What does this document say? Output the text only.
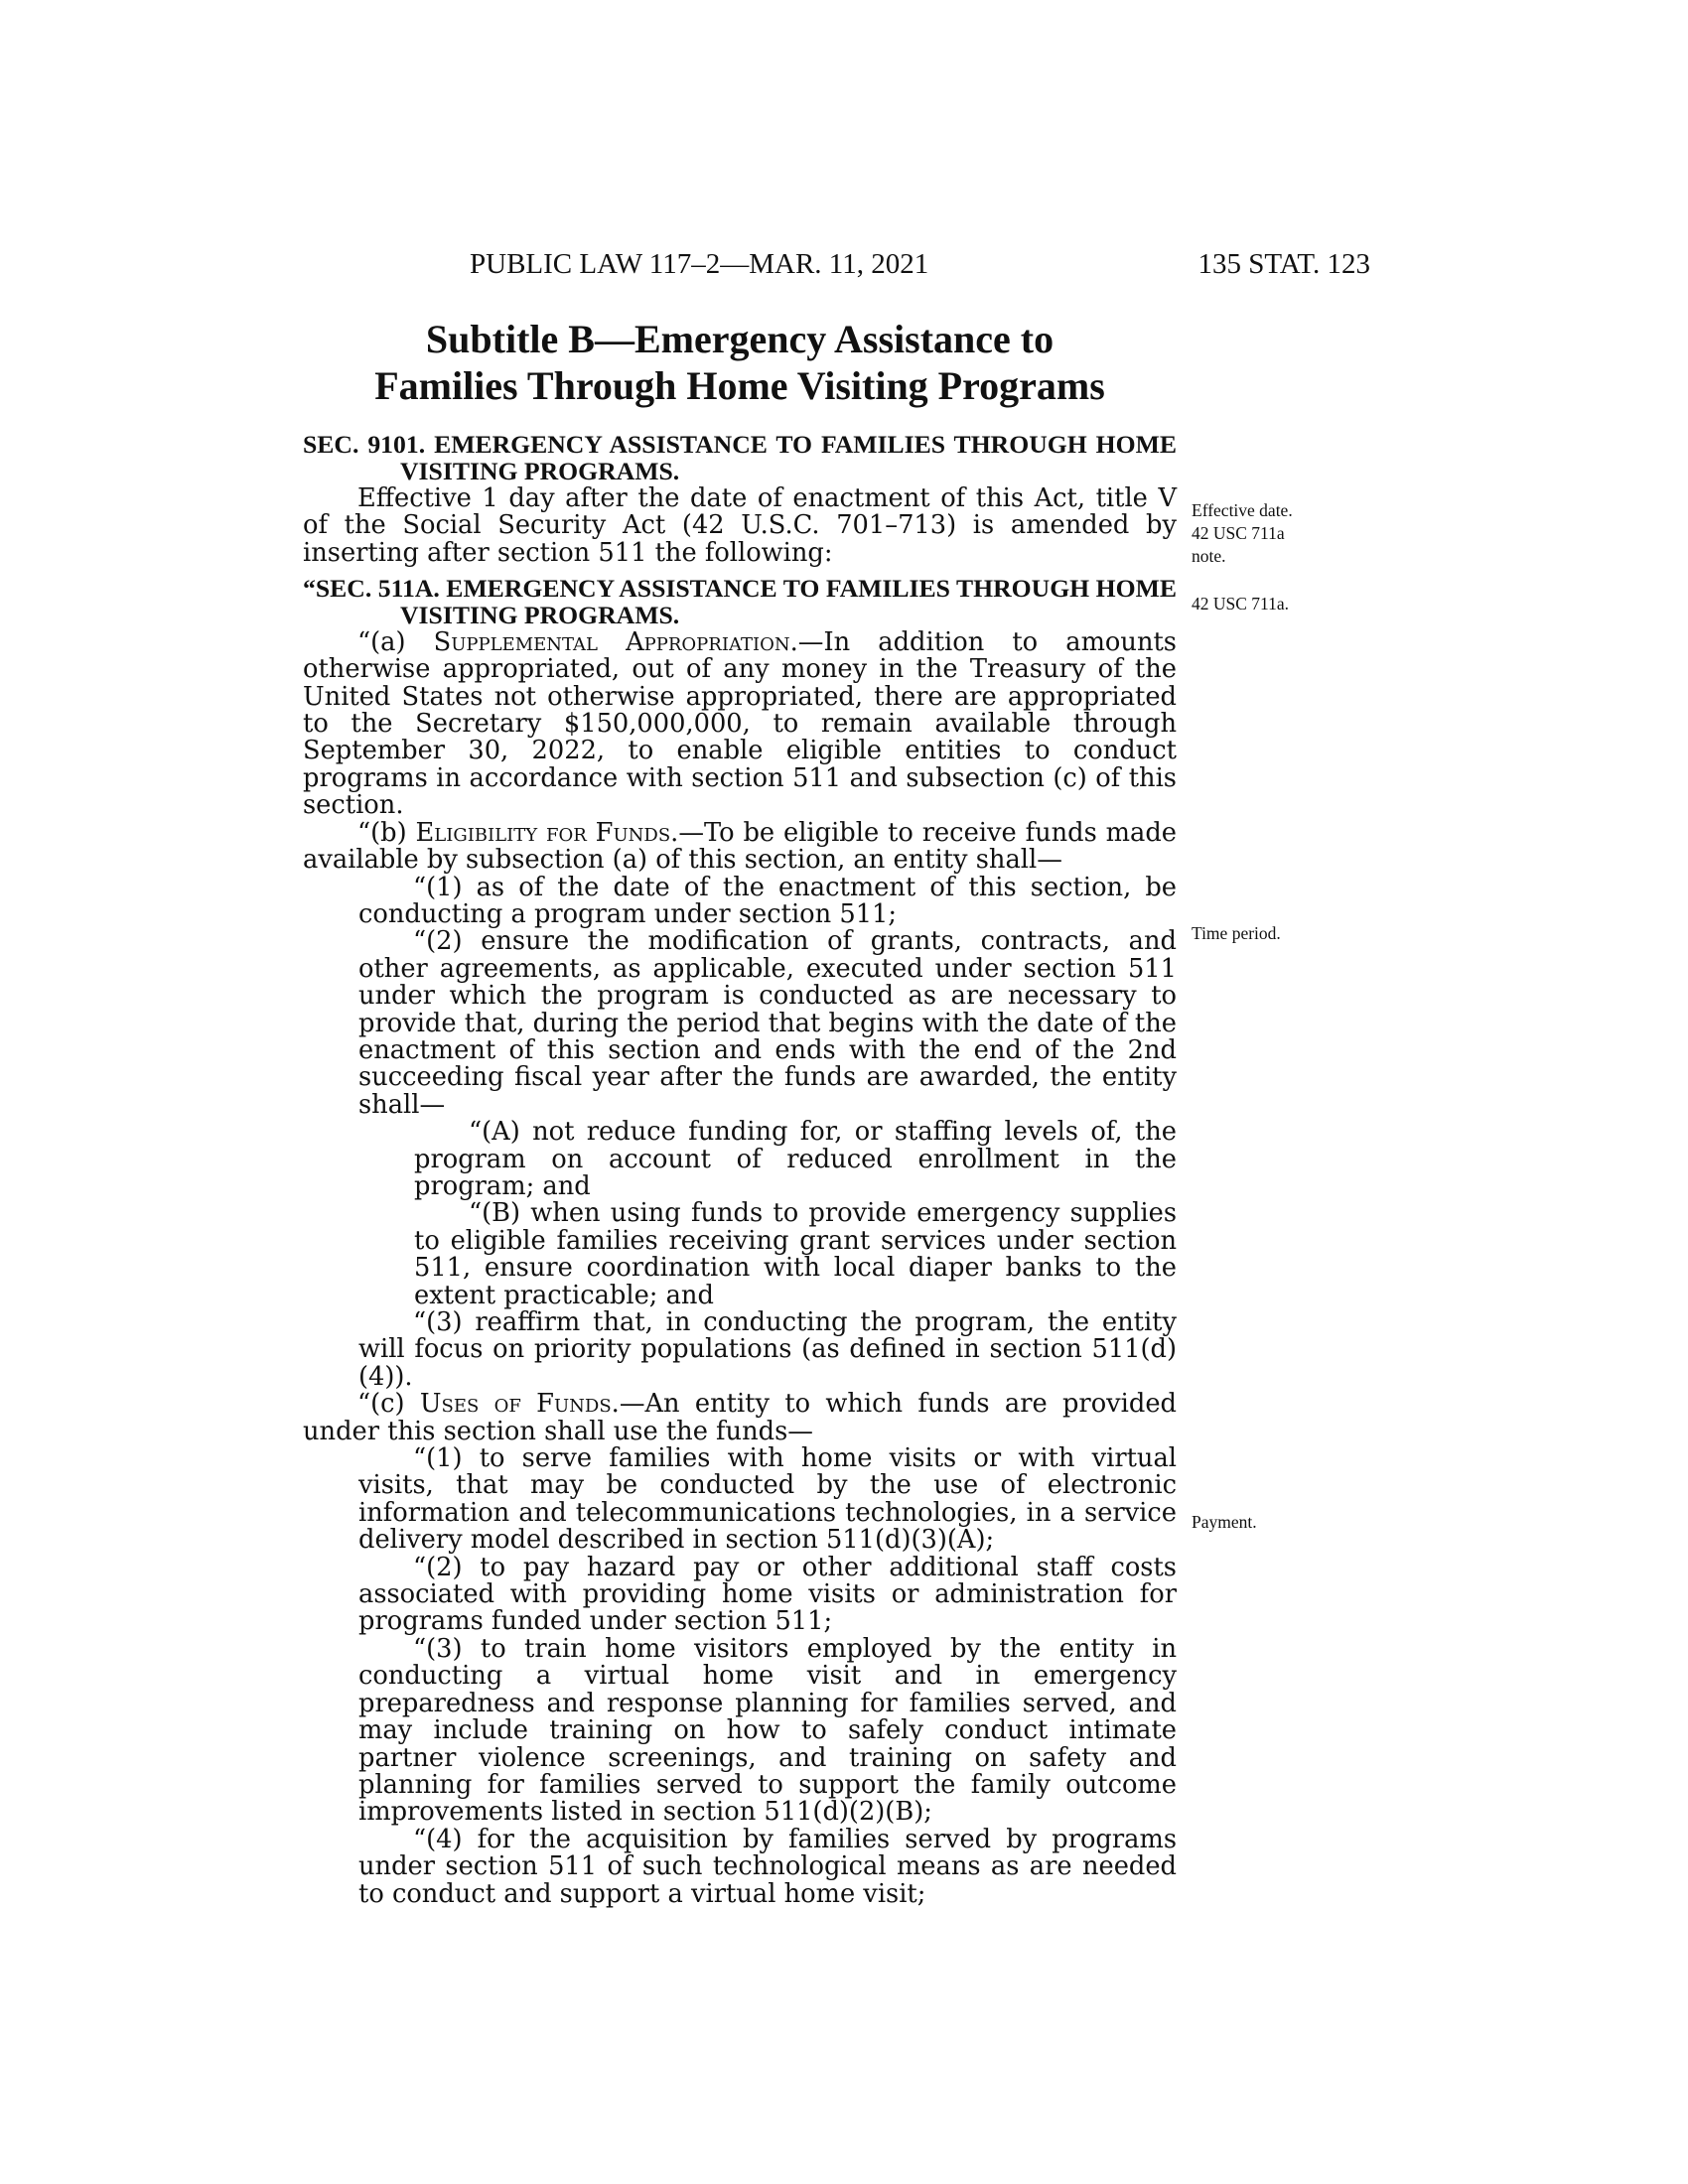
PUBLIC LAW 117–2—MAR. 11, 2021	135 STAT. 123
Subtitle B—Emergency Assistance to
Families Through Home Visiting Programs

SEC. 9101. EMERGENCY ASSISTANCE TO FAMILIES THROUGH HOME VISITING PROGRAMS.

Effective 1 day after the date of enactment of this Act, title V of the Social Security Act (42 U.S.C. 701–713) is amended by inserting after section 511 the following:

“SEC. 511A. EMERGENCY ASSISTANCE TO FAMILIES THROUGH HOME VISITING PROGRAMS.

“(a) Supplemental Appropriation.—In addition to amounts otherwise appropriated, out of any money in the Treasury of the United States not otherwise appropriated, there are appropriated to the Secretary $150,000,000, to remain available through September 30, 2022, to enable eligible entities to conduct programs in accordance with section 511 and subsection (c) of this section.

“(b) Eligibility for Funds.—To be eligible to receive funds made available by subsection (a) of this section, an entity shall—

“(1) as of the date of the enactment of this section, be conducting a program under section 511;

“(2) ensure the modification of grants, contracts, and other agreements, as applicable, executed under section 511 under which the program is conducted as are necessary to provide that, during the period that begins with the date of the enactment of this section and ends with the end of the 2nd succeeding fiscal year after the funds are awarded, the entity shall—

“(A) not reduce funding for, or staffing levels of, the program on account of reduced enrollment in the program; and

“(B) when using funds to provide emergency supplies to eligible families receiving grant services under section 511, ensure coordination with local diaper banks to the extent practicable; and

“(3) reaffirm that, in conducting the program, the entity will focus on priority populations (as defined in section 511(d)(4)).

“(c) Uses of Funds.—An entity to which funds are provided under this section shall use the funds—

“(1) to serve families with home visits or with virtual visits, that may be conducted by the use of electronic information and telecommunications technologies, in a service delivery model described in section 511(d)(3)(A);

“(2) to pay hazard pay or other additional staff costs associated with providing home visits or administration for programs funded under section 511;

“(3) to train home visitors employed by the entity in conducting a virtual home visit and in emergency preparedness and response planning for families served, and may include training on how to safely conduct intimate partner violence screenings, and training on safety and planning for families served to support the family outcome improvements listed in section 511(d)(2)(B);

“(4) for the acquisition by families served by programs under section 511 of such technological means as are needed to conduct and support a virtual home visit;

Effective date.
42 USC 711a
note.
42 USC 711a.
Time period.
Payment.
